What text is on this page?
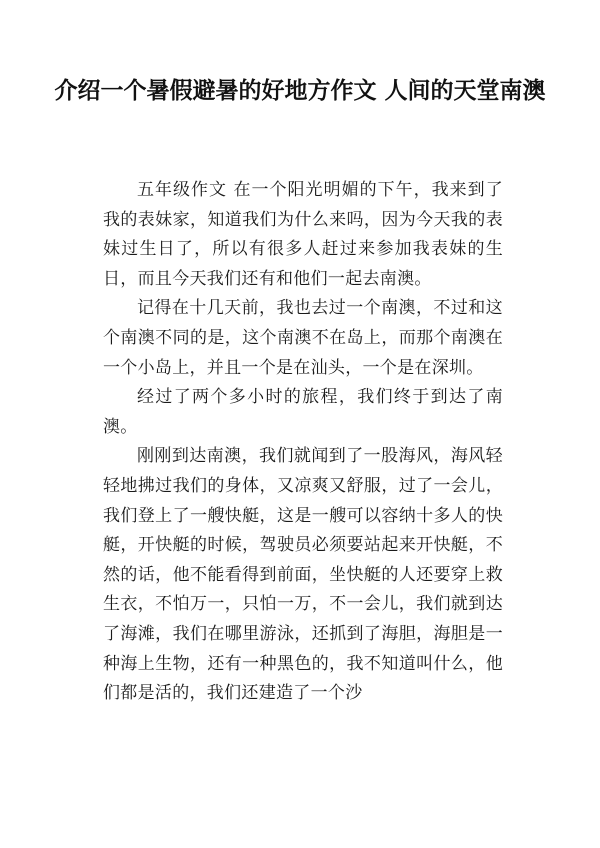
介绍一个暑假避暑的好地方作文 人间的天堂南澳

五年级作文 在一个阳光明媚的下午，我来到了我的表妹家，知道我们为什么来吗，因为今天我的表妹过生日了，所以有很多人赶过来参加我表妹的生日，而且今天我们还有和他们一起去南澳。

记得在十几天前，我也去过一个南澳，不过和这个南澳不同的是，这个南澳不在岛上，而那个南澳在一个小岛上，并且一个是在汕头，一个是在深圳。

经过了两个多小时的旅程，我们终于到达了南澳。

刚刚到达南澳，我们就闻到了一股海风，海风轻轻地拂过我们的身体，又凉爽又舒服，过了一会儿，我们登上了一艘快艇，这是一艘可以容纳十多人的快艇，开快艇的时候，驾驶员必须要站起来开快艇，不然的话，他不能看得到前面，坐快艇的人还要穿上救生衣，不怕万一，只怕一万，不一会儿，我们就到达了海滩，我们在哪里游泳，还抓到了海胆，海胆是一种海上生物，还有一种黑色的，我不知道叫什么，他们都是活的，我们还建造了一个沙
